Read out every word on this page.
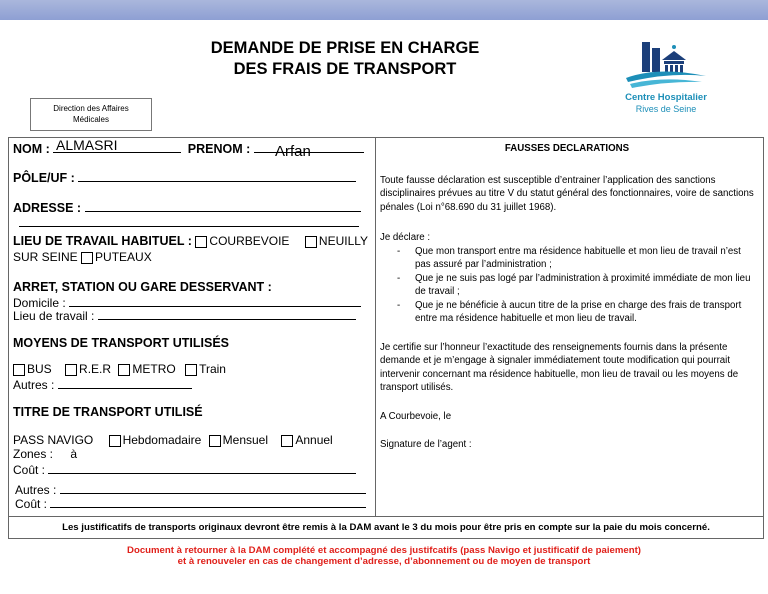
DEMANDE DE PRISE EN CHARGE
DES FRAIS DE TRANSPORT
Direction des Affaires
Médicales
Centre Hospitalier
Rives de Seine
NOM :	PRENOM :
ALMASRI	Arfan
PÔLE/UF :
ADRESSE :
LIEU DE TRAVAIL HABITUEL : COURBEVOIE NEUILLY
SUR SEINE PUTEAUX
ARRET, STATION OU GARE DESSERVANT :
Domicile :
Lieu de travail :
MOYENS DE TRANSPORT UTILISÉS
BUS R.E.R METRO Train
Autres :
TITRE DE TRANSPORT UTILISÉ
PASS NAVIGO Hebdomadaire Mensuel Annuel
Zones : à
Coût :
Autres :
Coût :
FAUSSES DECLARATIONS

Toute fausse déclaration est susceptible d’entrainer l’application des sanctions disciplinaires prévues au titre V du statut général des fonctionnaires, voire de sanctions pénales (Loi n°68.690 du 31 juillet 1968).

Je déclare :

- Que mon transport entre ma résidence habituelle et mon lieu de travail n’est pas assuré par l’administration ;
- Que je ne suis pas logé par l’administration à proximité immédiate de mon lieu de travail ;
- Que je ne bénéficie à aucun titre de la prise en charge des frais de transport entre ma résidence habituelle et mon lieu de travail.

Je certifie sur l’honneur l’exactitude des renseignements fournis dans la présente demande et je m’engage à signaler immédiatement toute modification qui pourrait intervenir concernant ma résidence habituelle, mon lieu de travail ou les moyens de transport utilisés.

A Courbevoie, le

Signature de l’agent :

Les justificatifs de transports originaux devront être remis à la DAM avant le 3 du mois pour être pris en compte sur la paie du mois concerné.
Document à retourner à la DAM complété et accompagné des justifcatifs (pass Navigo et justificatif de paiement)
et à renouveler en cas de changement d’adresse, d’abonnement ou de moyen de transport
